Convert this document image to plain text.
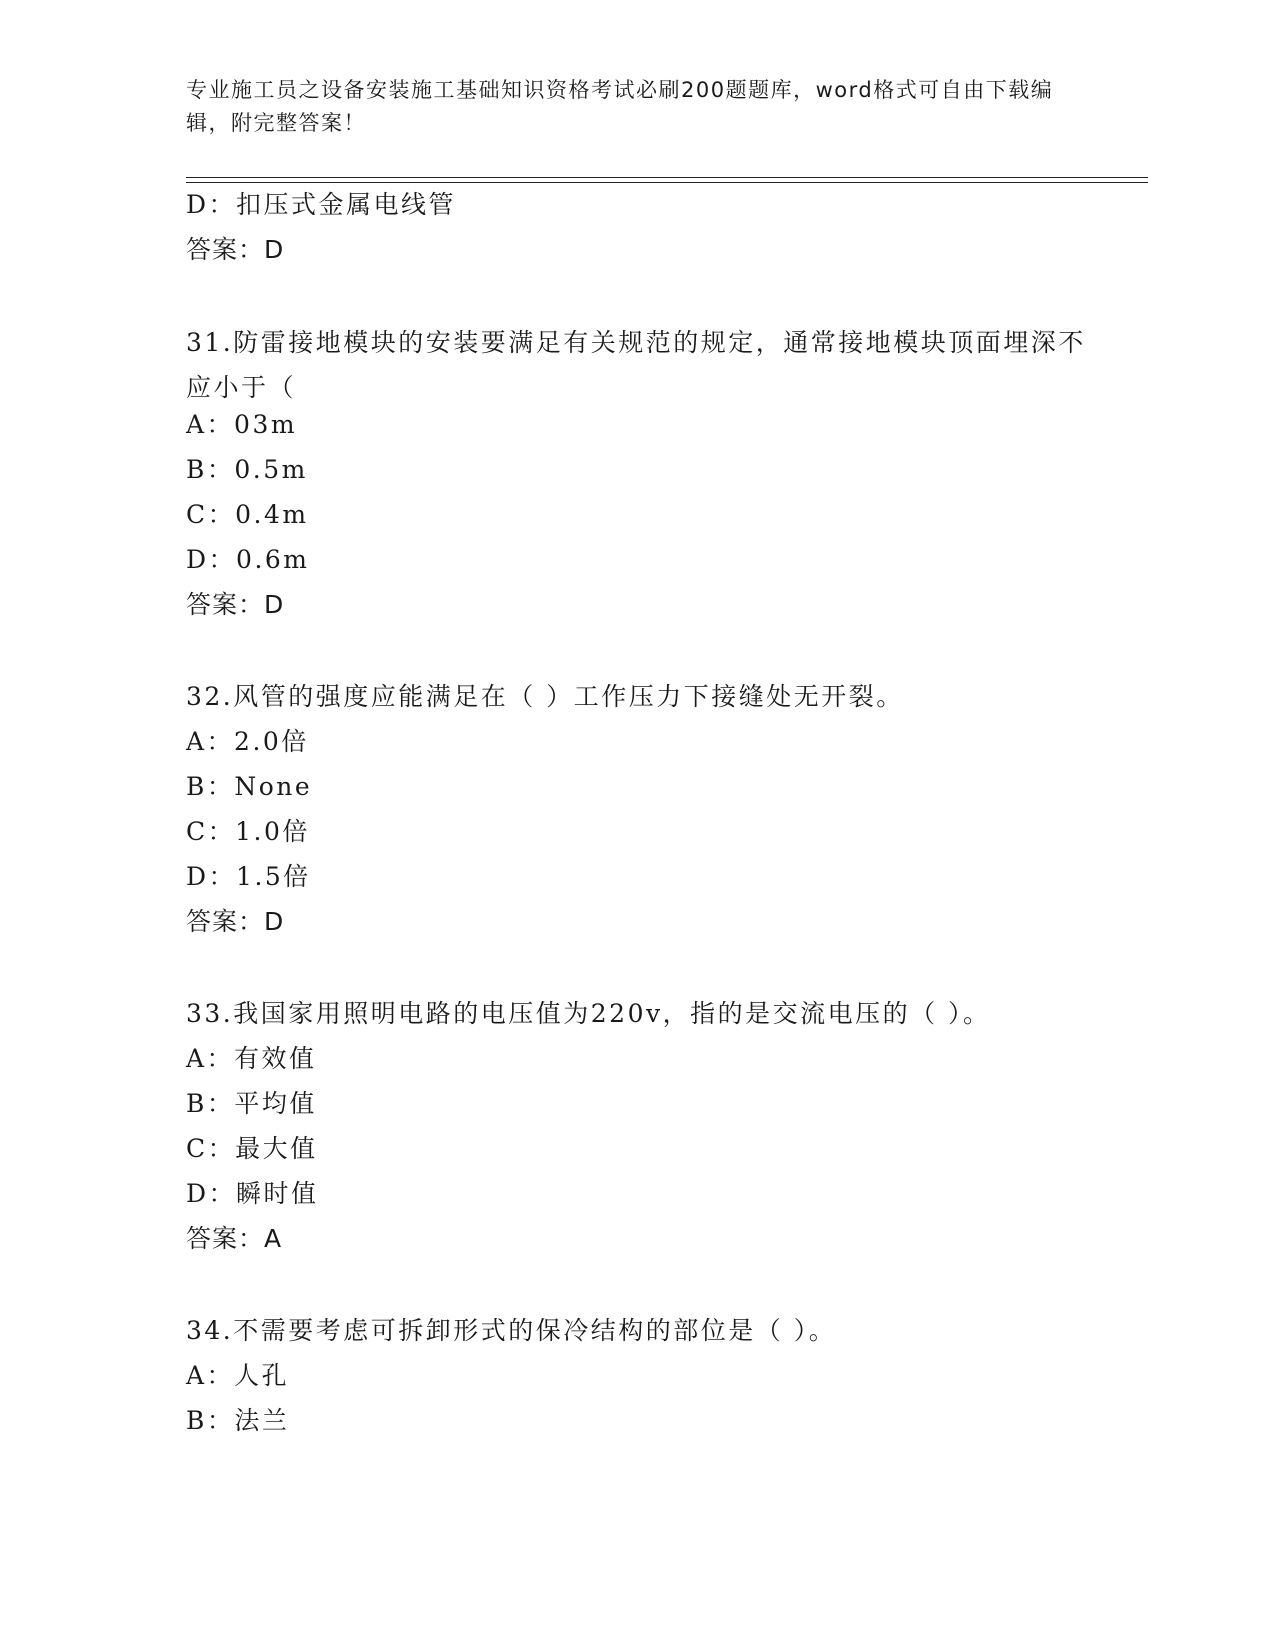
专业施工员之设备安装施工基础知识资格考试必刷200题题库，word格式可自由下载编辑，附完整答案！
D：扣压式金属电线管
答案：D
31.防雷接地模块的安装要满足有关规范的规定，通常接地模块顶面埋深不应小于（
A：03m
B：0.5m
C：0.4m
D：0.6m
答案：D
32.风管的强度应能满足在（ ）工作压力下接缝处无开裂。
A：2.0倍
B：None
C：1.0倍
D：1.5倍
答案：D
33.我国家用照明电路的电压值为220v，指的是交流电压的（ ）。
A：有效值
B：平均值
C：最大值
D：瞬时值
答案：A
34.不需要考虑可拆卸形式的保冷结构的部位是（ ）。
A：人孔
B：法兰
